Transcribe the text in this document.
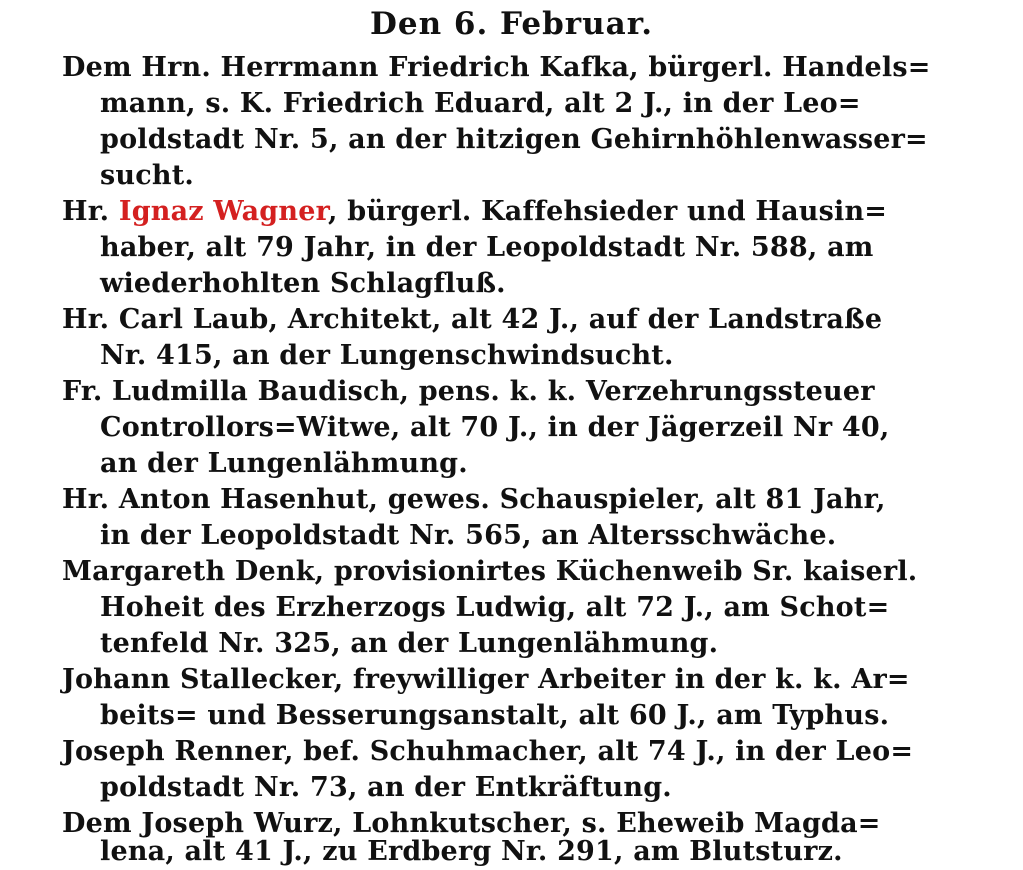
Den 6. Februar.
Dem Hrn. Herrmann Friedrich Kafka, bürgerl. Handels=
mann, s. K. Friedrich Eduard, alt 2 J., in der Leo=
poldstadt Nr. 5, an der hitzigen Gehirnhöhlenwasser=
sucht.
Hr. Ignaz Wagner, bürgerl. Kaffehsieder und Hausin=
haber, alt 79 Jahr, in der Leopoldstadt Nr. 588, am
wiederhohlten Schlagfluß.
Hr. Carl Laub, Architekt, alt 42 J., auf der Landstraße
Nr. 415, an der Lungenschwindsucht.
Fr. Ludmilla Baudisch, pens. k. k. Verzehrungssteuer
Controllors=Witwe, alt 70 J., in der Jägerzeil Nr 40,
an der Lungenlähmung.
Hr. Anton Hasenhut, gewes. Schauspieler, alt 81 Jahr,
in der Leopoldstadt Nr. 565, an Altersschwäche.
Margareth Denk, provisionirtes Küchenweib Sr. kaiserl.
Hoheit des Erzherzogs Ludwig, alt 72 J., am Schot=
tenfeld Nr. 325, an der Lungenlähmung.
Johann Stallecker, freywilliger Arbeiter in der k. k. Ar=
beits= und Besserungsanstalt, alt 60 J., am Typhus.
Joseph Renner, bef. Schuhmacher, alt 74 J., in der Leo=
poldstadt Nr. 73, an der Entkräftung.
Dem Joseph Wurz, Lohnkutscher, s. Eheweib Magda=
lena, alt 41 J., zu Erdberg Nr. 291, am Blutsturz.
